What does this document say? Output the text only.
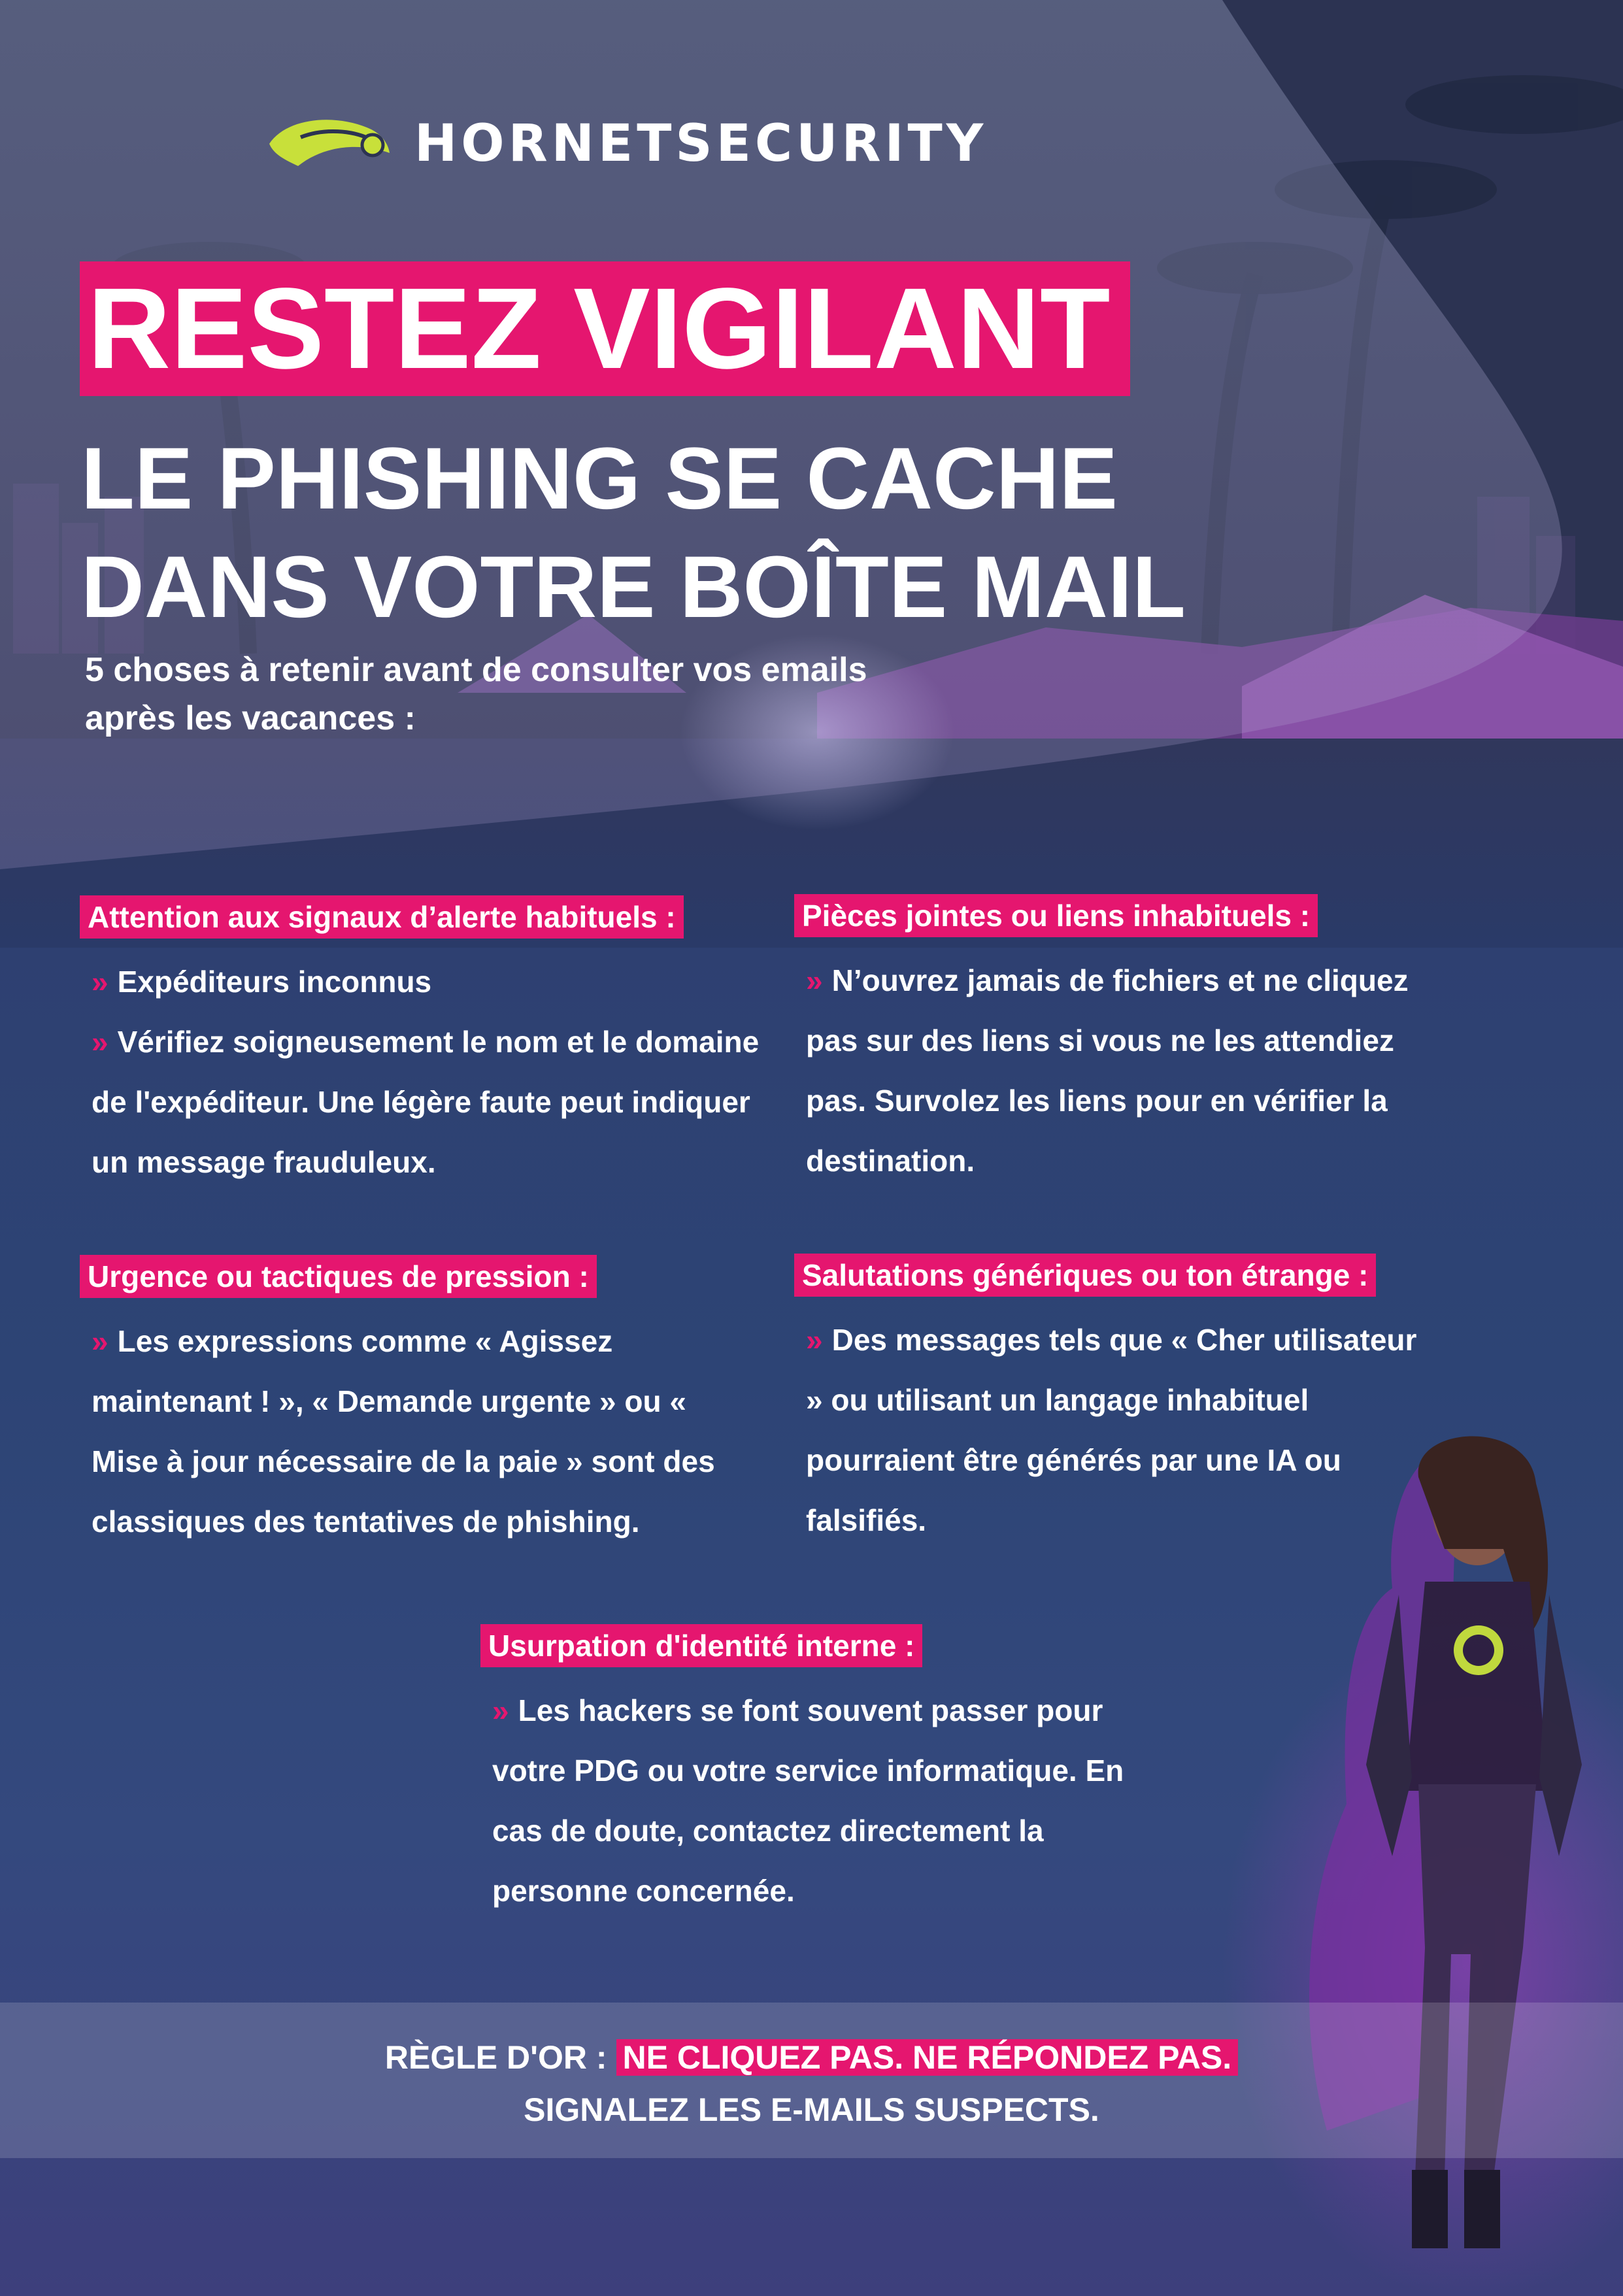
HORNETSECURITY
RESTEZ VIGILANT
LE PHISHING SE CACHE
DANS VOTRE BOÎTE MAIL
5 choses à retenir avant de consulter vos emails
après les vacances :
Attention aux signaux d’alerte habituels :
» Expéditeurs inconnus
» Vérifiez soigneusement le nom et le domaine de l'expéditeur. Une légère faute peut indiquer un message frauduleux.
Pièces jointes ou liens inhabituels :
» N’ouvrez jamais de fichiers et ne cliquez pas sur des liens si vous ne les attendiez pas. Survolez les liens pour en vérifier la destination.
Urgence ou tactiques de pression :
» Les expressions comme « Agissez maintenant ! », « Demande urgente » ou « Mise à jour nécessaire de la paie » sont des classiques des tentatives de phishing.
Salutations génériques ou ton étrange :
» Des messages tels que « Cher utilisateur » ou utilisant un langage inhabituel pourraient être générés par une IA ou falsifiés.
Usurpation d'identité interne :
» Les hackers se font souvent passer pour votre PDG ou votre service informatique. En cas de doute, contactez directement la personne concernée.
RÈGLE D'OR : NE CLIQUEZ PAS. NE RÉPONDEZ PAS.
SIGNALEZ LES E-MAILS SUSPECTS.
